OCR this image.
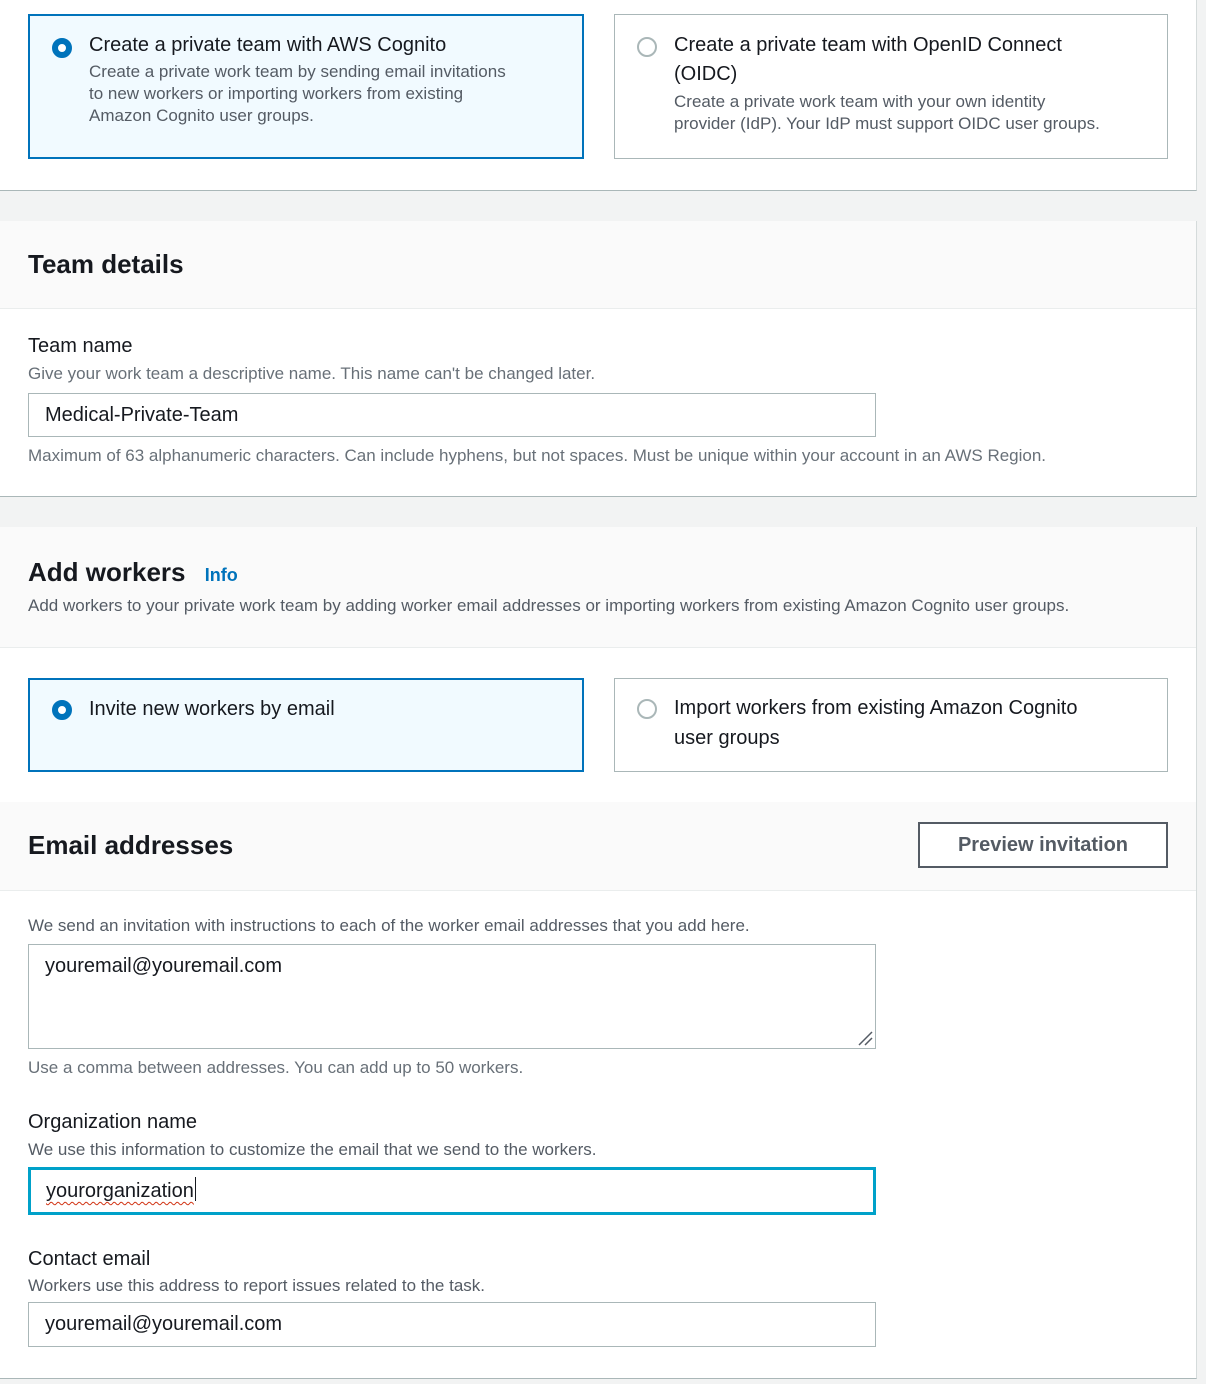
Create a private team with AWS Cognito
Create a private work team by sending email invitations
to new workers or importing workers from existing
Amazon Cognito user groups.
Create a private team with OpenID Connect
(OIDC)
Create a private work team with your own identity
provider (IdP). Your IdP must support OIDC user groups.
Team details
Team name
Give your work team a descriptive name. This name can't be changed later.
Medical-Private-Team
Maximum of 63 alphanumeric characters. Can include hyphens, but not spaces. Must be unique within your account in an AWS Region.
Add workers Info
Add workers to your private work team by adding worker email addresses or importing workers from existing Amazon Cognito user groups.
Invite new workers by email	Import workers from existing Amazon Cognito
user groups
Email addresses	Preview invitation
We send an invitation with instructions to each of the worker email addresses that you add here.
youremail@youremail.com
Use a comma between addresses. You can add up to 50 workers.
Organization name
We use this information to customize the email that we send to the workers.
yourorganization
Contact email
Workers use this address to report issues related to the task.
youremail@youremail.com
